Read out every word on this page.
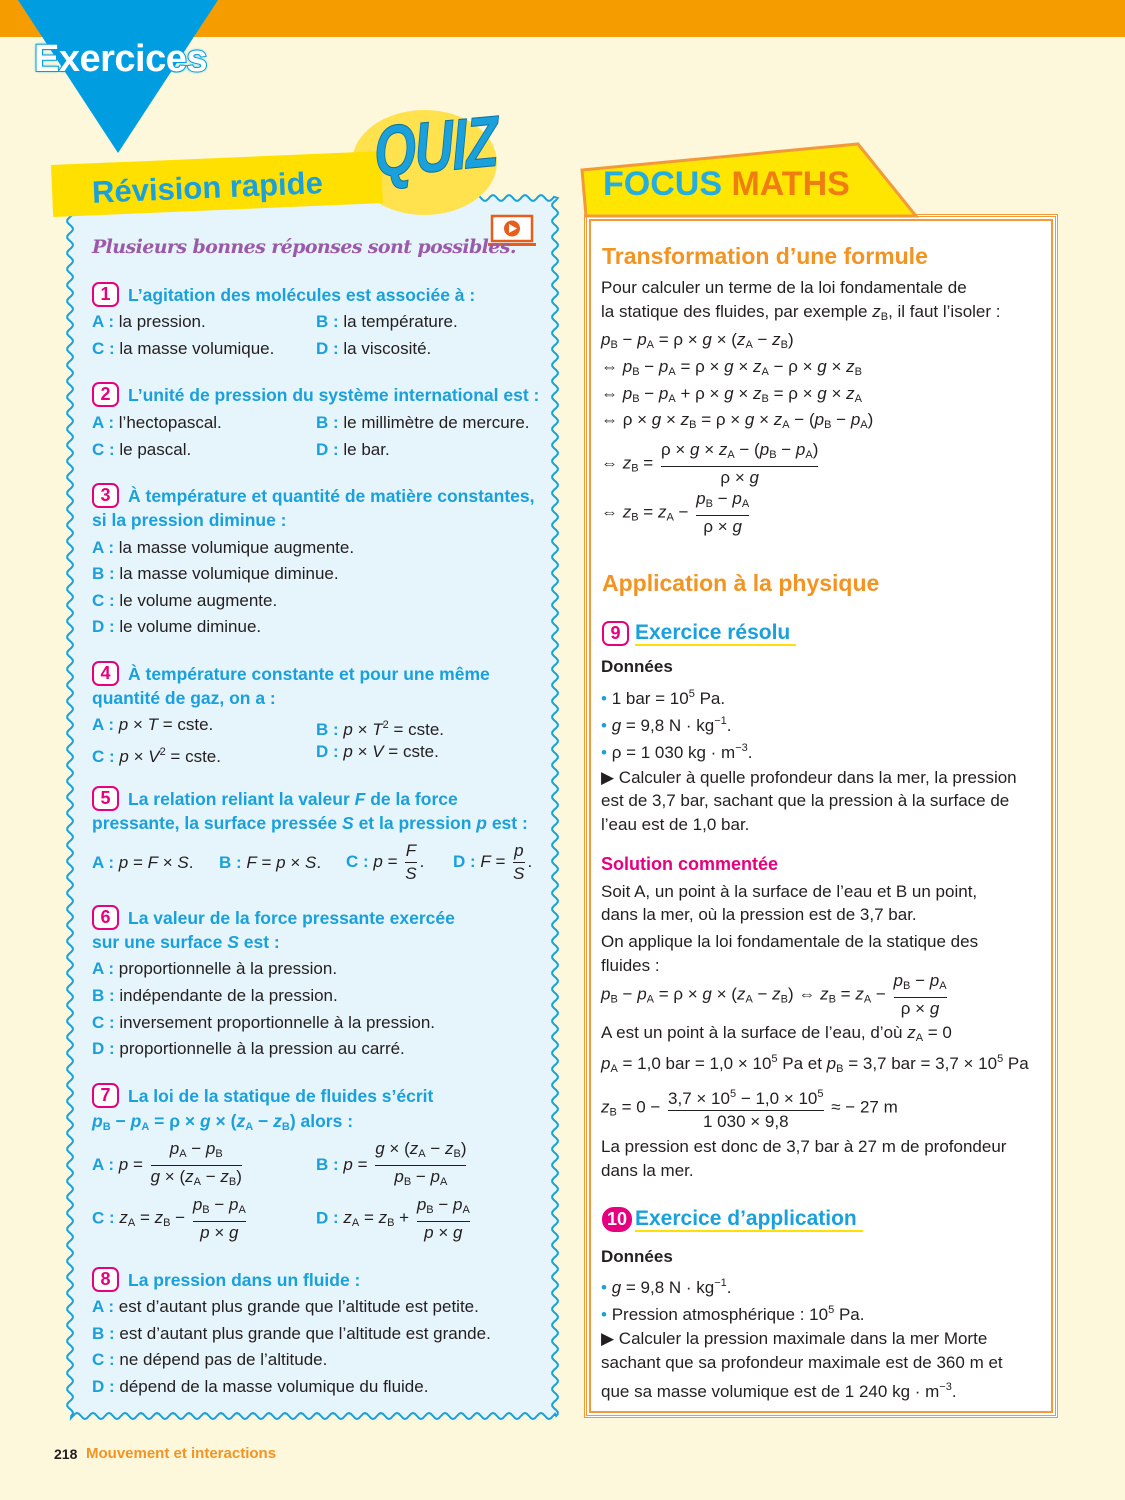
Exercices
Révision rapide QUIZ
Plusieurs bonnes réponses sont possibles.
1	L’agitation des molécules est associée à :
A : la pression.	B : la température.
C : la masse volumique. D : la viscosité.
2	L’unité de pression du système international est :
A : l’hectopascal.	B : le millimètre de mercure.
C : le pascal.	D : le bar.
3	À température et quantité de matière constantes,
si la pression diminue :
A : la masse volumique augmente.
B : la masse volumique diminue.
C : le volume augmente.
D : le volume diminue.
4	À température constante et pour une même
quantité de gaz, on a :
A : p × T = cste.	B : $p \times T^2$ = cste.
C : $p \times V^2$ = cste.	D : p × V = cste.
5	La relation reliant la valeur F de la force
pressante, la surface pressée S et la pression p est :
A : p = F × S. B : F = p × S. C : $p = \frac{F}{S}$ . D : $F = \frac{p}{S}$ .
6	La valeur de la force pressante exercée
sur une surface S est :
A : proportionnelle à la pression.
B : indépendante de la pression.
C : inversement proportionnelle à la pression.
D : proportionnelle à la pression au carré.
7	La loi de la statique de fluides s’écrit
$p_B - p_A = \rho \times g \times (z_A - z_B)$ alors :
A : $p = \frac{p_A - p_B}{g \times (z_A - z_B)}$	B : $p = \frac{g \times (z_A - z_B)}{p_B - p_A}$
C : $z_A = z_B - \frac{p_B - p_A}{p \times g}$	D : $z_A = z_B + \frac{p_B - p_A}{p \times g}$
8	La pression dans un fluide :
A : est d’autant plus grande que l’altitude est petite.
B : est d’autant plus grande que l’altitude est grande.
C : ne dépend pas de l’altitude.
D : dépend de la masse volumique du fluide.
FOCUS MATHS
Transformation d’une formule
Pour calculer un terme de la loi fondamentale de
la statique des fluides, par exemple $z_B$, il faut l’isoler :
$p_B - p_A = \rho \times g \times (z_A - z_B)$
⇔ $p_B - p_A = \rho \times g \times z_A - \rho \times g \times z_B$
⇔ $p_B - p_A + \rho \times g \times z_B = \rho \times g \times z_A$
⇔ $\rho \times g \times z_B = \rho \times g \times z_A - (p_B - p_A)$
⇔ $z_B = \frac{\rho \times g \times z_A - (p_B - p_A)}{\rho \times g}$
⇔ $z_B = z_A - \frac{p_B - p_A}{\rho \times g}$
Application à la physique
9 Exercice résolu
Données
• 1 bar = $10^5$ Pa.
• g = 9,8 $N \cdot kg^{-1}$.
• ρ = 1 030 kg · $m^{-3}$.
▶ Calculer à quelle profondeur dans la mer, la pression
est de 3,7 bar, sachant que la pression à la surface de
l’eau est de 1,0 bar.
Solution commentée
Soit A, un point à la surface de l’eau et B un point,
dans la mer, où la pression est de 3,7 bar.
On applique la loi fondamentale de la statique des
fluides :
$p_B - p_A = \rho \times g \times (z_A - z_B)$ ⇔ $z_B = z_A - \frac{p_B - p_A}{\rho \times g}$
A est un point à la surface de l’eau, d’où $z_A = 0$
$p_A = 1,0$ bar = $1,0 \times 10^5$ Pa et $p_B = 3,7$ bar = $3,7 \times 10^5$ Pa
$z_B = 0 - \frac{3,7 \times 10^5 - 1,0 \times 10^5}{1 030 \times 9,8}$ ≈ − 27 m
La pression est donc de 3,7 bar à 27 m de profondeur
dans la mer.
10 Exercice d’application
Données
• g = 9,8 $N \cdot kg^{-1}$.
• Pression atmosphérique : $10^5$ Pa.
▶ Calculer la pression maximale dans la mer Morte
sachant que sa profondeur maximale est de 360 m et
que sa masse volumique est de 1 240 kg · $m^{-3}$.
218 Mouvement et interactions
